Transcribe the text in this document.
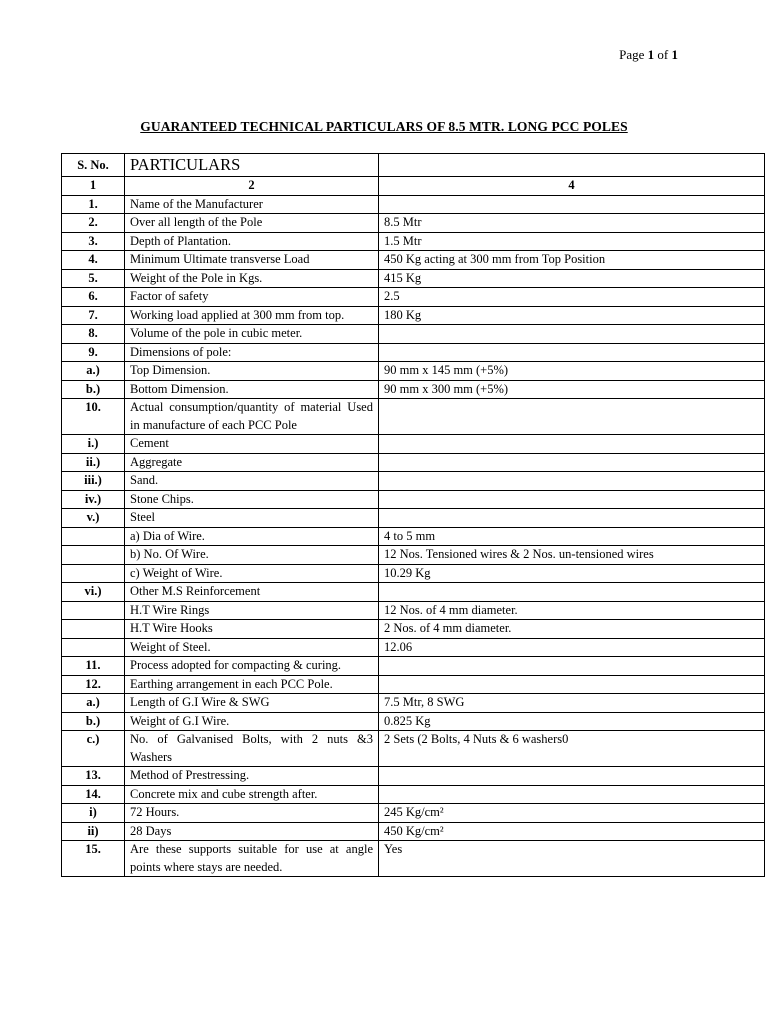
Page 1 of 1
GUARANTEED TECHNICAL PARTICULARS OF 8.5 MTR. LONG PCC POLES
S. No.	PARTICULARS	
1	2	4
1.	Name of the Manufacturer	
2.	Over all length of the Pole	8.5 Mtr
3.	Depth of Plantation.	1.5 Mtr
4.	Minimum Ultimate transverse Load	450 Kg acting at 300 mm from Top Position
5.	Weight of the Pole in Kgs.	415 Kg
6.	Factor of safety	2.5
7.	Working load applied at 300 mm from top.	180 Kg
8.	Volume of the pole in cubic meter.	
9.	Dimensions of pole:	
a.)	Top Dimension.	90 mm x 145 mm (+5%)
b.)	Bottom Dimension.	90 mm x 300 mm (+5%)
10.	Actual consumption/quantity of material Used in manufacture of each PCC Pole	
i.)	Cement	
ii.)	Aggregate	
iii.)	Sand.	
iv.)	Stone Chips.	
v.)	Steel	
	a) Dia of Wire.	4 to 5 mm
	b) No. Of Wire.	12 Nos. Tensioned wires & 2 Nos. un-tensioned wires
	c) Weight of Wire.	10.29 Kg
vi.)	Other M.S Reinforcement	
	H.T Wire Rings	12 Nos. of 4 mm diameter.
	H.T Wire Hooks	2 Nos. of 4 mm diameter.
	Weight of Steel.	12.06
11.	Process adopted for compacting & curing.	
12.	Earthing arrangement in each PCC Pole.	
a.)	Length of G.I Wire & SWG	7.5 Mtr, 8 SWG
b.)	Weight of G.I Wire.	0.825 Kg
c.)	No. of Galvanised Bolts, with 2 nuts &3 Washers	2 Sets (2 Bolts, 4 Nuts & 6 washers0
13.	Method of Prestressing.	
14.	Concrete mix and cube strength after.	
i)	72 Hours.	245 Kg/cm²
ii)	28 Days	450 Kg/cm²
15.	Are these supports suitable for use at angle points where stays are needed.	Yes
